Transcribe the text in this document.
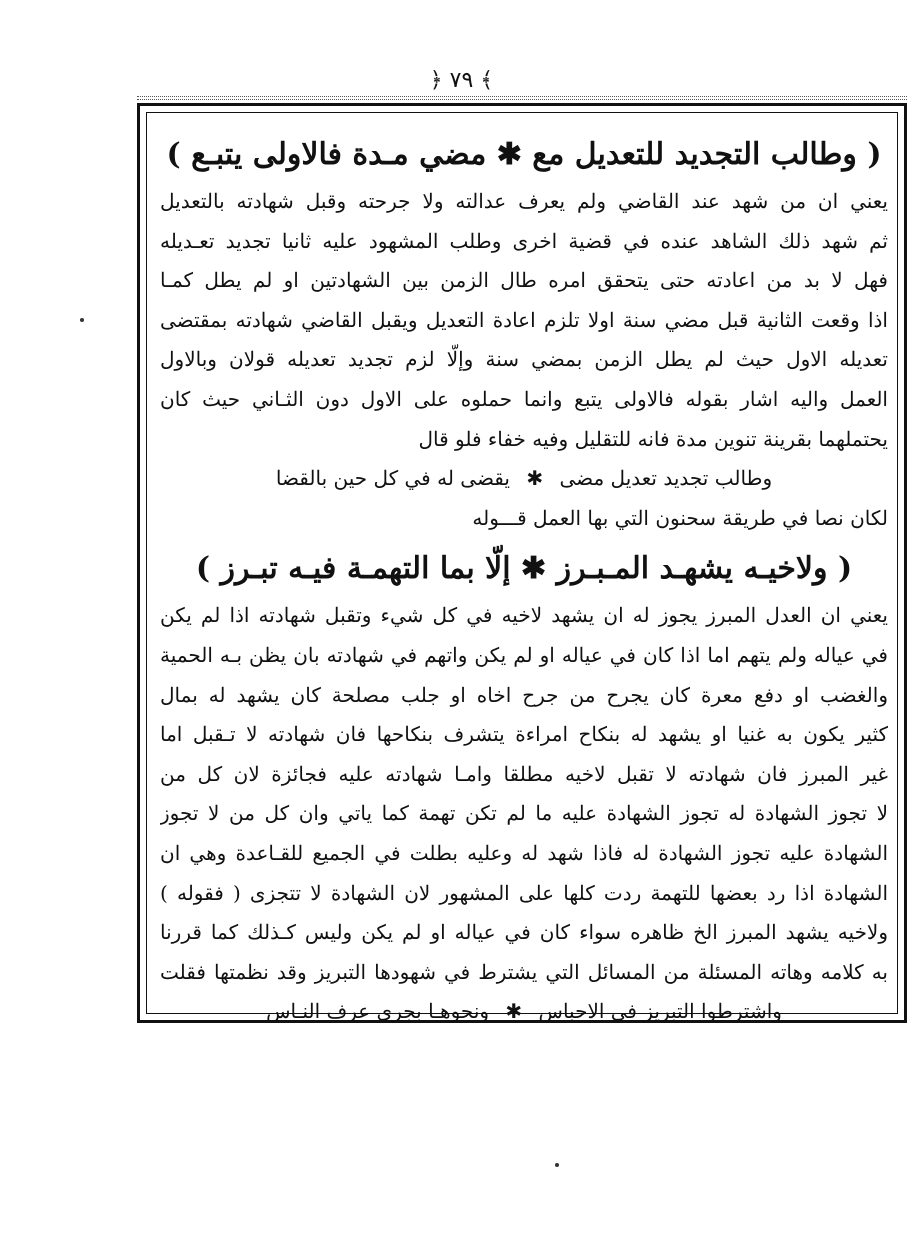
﴿ ٧٩ ﴾
( وطالب التجديد للتعديل مع ✱ مضي مـدة فالاولى يتبـع )
يعني ان من شهد عند القاضي ولم يعرف عدالته ولا جرحته وقبل شهادته بالتعديل
ثم شهد ذلك الشاهد عنده في قضية اخرى وطلب المشهود عليه ثانيا تجديد تعـديله
فهل لا بد من اعادته حتى يتحقق امره طال الزمن بين الشهادتين او لم يطل كمـا
اذا وقعت الثانية قبل مضي سنة اولا تلزم اعادة التعديل ويقبل القاضي شهادته بمقتضى
تعديله الاول حيث لم يطل الزمن بمضي سنة وإلّا لزم تجديد تعديله قولان وبالاول
العمل واليه اشار بقوله فالاولى يتبع وانما حملوه على الاول دون الثـاني حيث كان
يحتملهما بقرينة تنوين مدة فانه للتقليل وفيه خفاء فلو قال
وطالب تجديد تعديل مضى ✱ يقضى له في كل حين بالقضا
لكان نصا في طريقة سحنون التي بها العمل قـــوله
( ولاخيـه يشهـد المـبـرز ✱ إلّا بما التهمـة فيـه تبـرز )
يعني ان العدل المبرز يجوز له ان يشهد لاخيه في كل شيء وتقبل شهادته اذا لم يكن
في عياله ولم يتهم اما اذا كان في عياله او لم يكن واتهم في شهادته بان يظن بـه الحمية
والغضب او دفع معرة كان يجرح من جرح اخاه او جلب مصلحة كان يشهد له بمال
كثير يكون به غنيا او يشهد له بنكاح امراءة يتشرف بنكاحها فان شهادته لا تـقبل اما
غير المبرز فان شهادته لا تقبل لاخيه مطلقا وامـا شهادته عليه فجائزة لان كل من
لا تجوز الشهادة له تجوز الشهادة عليه ما لم تكن تهمة كما ياتي وان كل من لا تجوز
الشهادة عليه تجوز الشهادة له فاذا شهد له وعليه بطلت في الجميع للقـاعدة وهي ان
الشهادة اذا رد بعضها للتهمة ردت كلها على المشهور لان الشهادة لا تتجزى ( فقوله )
ولاخيه يشهد المبرز الخ ظاهره سواء كان في عياله او لم يكن وليس كـذلك كما قررنا
به كلامه وهاته المسئلة من المسائل التي يشترط في شهودها التبريز وقد نظمتها فقلت
واشترطوا التبريز في الاحباس ✱ ونحوهـا بجري عرف النـاس
